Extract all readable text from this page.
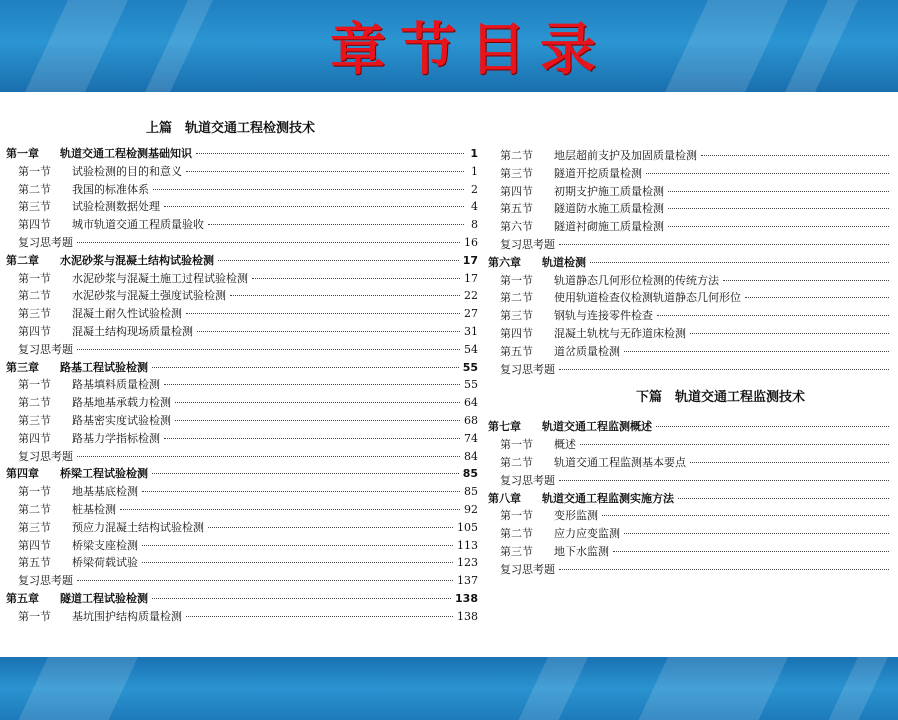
章节目录
上篇　轨道交通工程检测技术
第一章	轨道交通工程检测基础知识	1
第一节	试验检测的目的和意义	1
第二节	我国的标准体系	2
第三节	试验检测数据处理	4
第四节	城市轨道交通工程质量验收	8
复习思考题	16
第二章	水泥砂浆与混凝土结构试验检测	17
第一节	水泥砂浆与混凝土施工过程试验检测	17
第二节	水泥砂浆与混凝土强度试验检测	22
第三节	混凝土耐久性试验检测	27
第四节	混凝土结构现场质量检测	31
复习思考题	54
第三章	路基工程试验检测	55
第一节	路基填料质量检测	55
第二节	路基地基承载力检测	64
第三节	路基密实度试验检测	68
第四节	路基力学指标检测	74
复习思考题	84
第四章	桥梁工程试验检测	85
第一节	地基基底检测	85
第二节	桩基检测	92
第三节	预应力混凝土结构试验检测	105
第四节	桥梁支座检测	113
第五节	桥梁荷载试验	123
复习思考题	137
第五章	隧道工程试验检测	138
第一节	基坑围护结构质量检测	138
第二节	地层超前支护及加固质量检测
第三节	隧道开挖质量检测
第四节	初期支护施工质量检测
第五节	隧道防水施工质量检测
第六节	隧道衬砌施工质量检测
复习思考题
第六章	轨道检测
第一节	轨道静态几何形位检测的传统方法
第二节	使用轨道检查仪检测轨道静态几何形位
第三节	钢轨与连接零件检查
第四节	混凝土轨枕与无砟道床检测
第五节	道岔质量检测
复习思考题
下篇　轨道交通工程监测技术
第七章	轨道交通工程监测概述
第一节	概述
第二节	轨道交通工程监测基本要点
复习思考题
第八章	轨道交通工程监测实施方法
第一节	变形监测
第二节	应力应变监测
第三节	地下水监测
复习思考题
